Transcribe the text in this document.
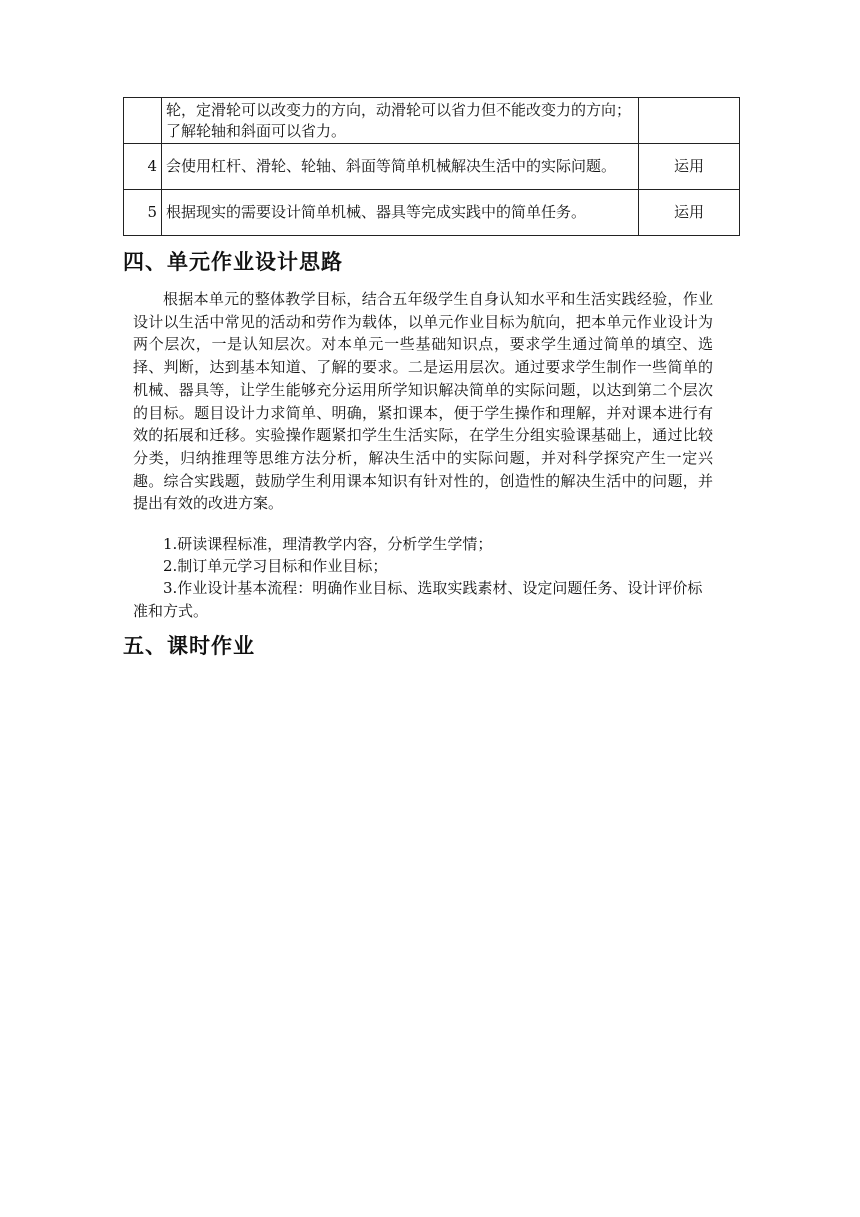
	轮，定滑轮可以改变力的方向，动滑轮可以省力但不能改变力的方向；了解轮轴和斜面可以省力。	
4	会使用杠杆、滑轮、轮轴、斜面等简单机械解决生活中的实际问题。	运用
5	根据现实的需要设计简单机械、器具等完成实践中的简单任务。	运用
四、单元作业设计思路

根据本单元的整体教学目标，结合五年级学生自身认知水平和生活实践经验，作业设计以生活中常见的活动和劳作为载体，以单元作业目标为航向，把本单元作业设计为两个层次，一是认知层次。对本单元一些基础知识点，要求学生通过简单的填空、选择、判断，达到基本知道、了解的要求。二是运用层次。通过要求学生制作一些简单的机械、器具等，让学生能够充分运用所学知识解决简单的实际问题，以达到第二个层次的目标。题目设计力求简单、明确，紧扣课本，便于学生操作和理解，并对课本进行有效的拓展和迁移。实验操作题紧扣学生生活实际，在学生分组实验课基础上，通过比较分类，归纳推理等思维方法分析，解决生活中的实际问题，并对科学探究产生一定兴趣。综合实践题，鼓励学生利用课本知识有针对性的，创造性的解决生活中的问题，并提出有效的改进方案。

1.研读课程标准，理清教学内容，分析学生学情；
2.制订单元学习目标和作业目标；
3.作业设计基本流程：明确作业目标、选取实践素材、设定问题任务、设计评价标准和方式。
五、课时作业
